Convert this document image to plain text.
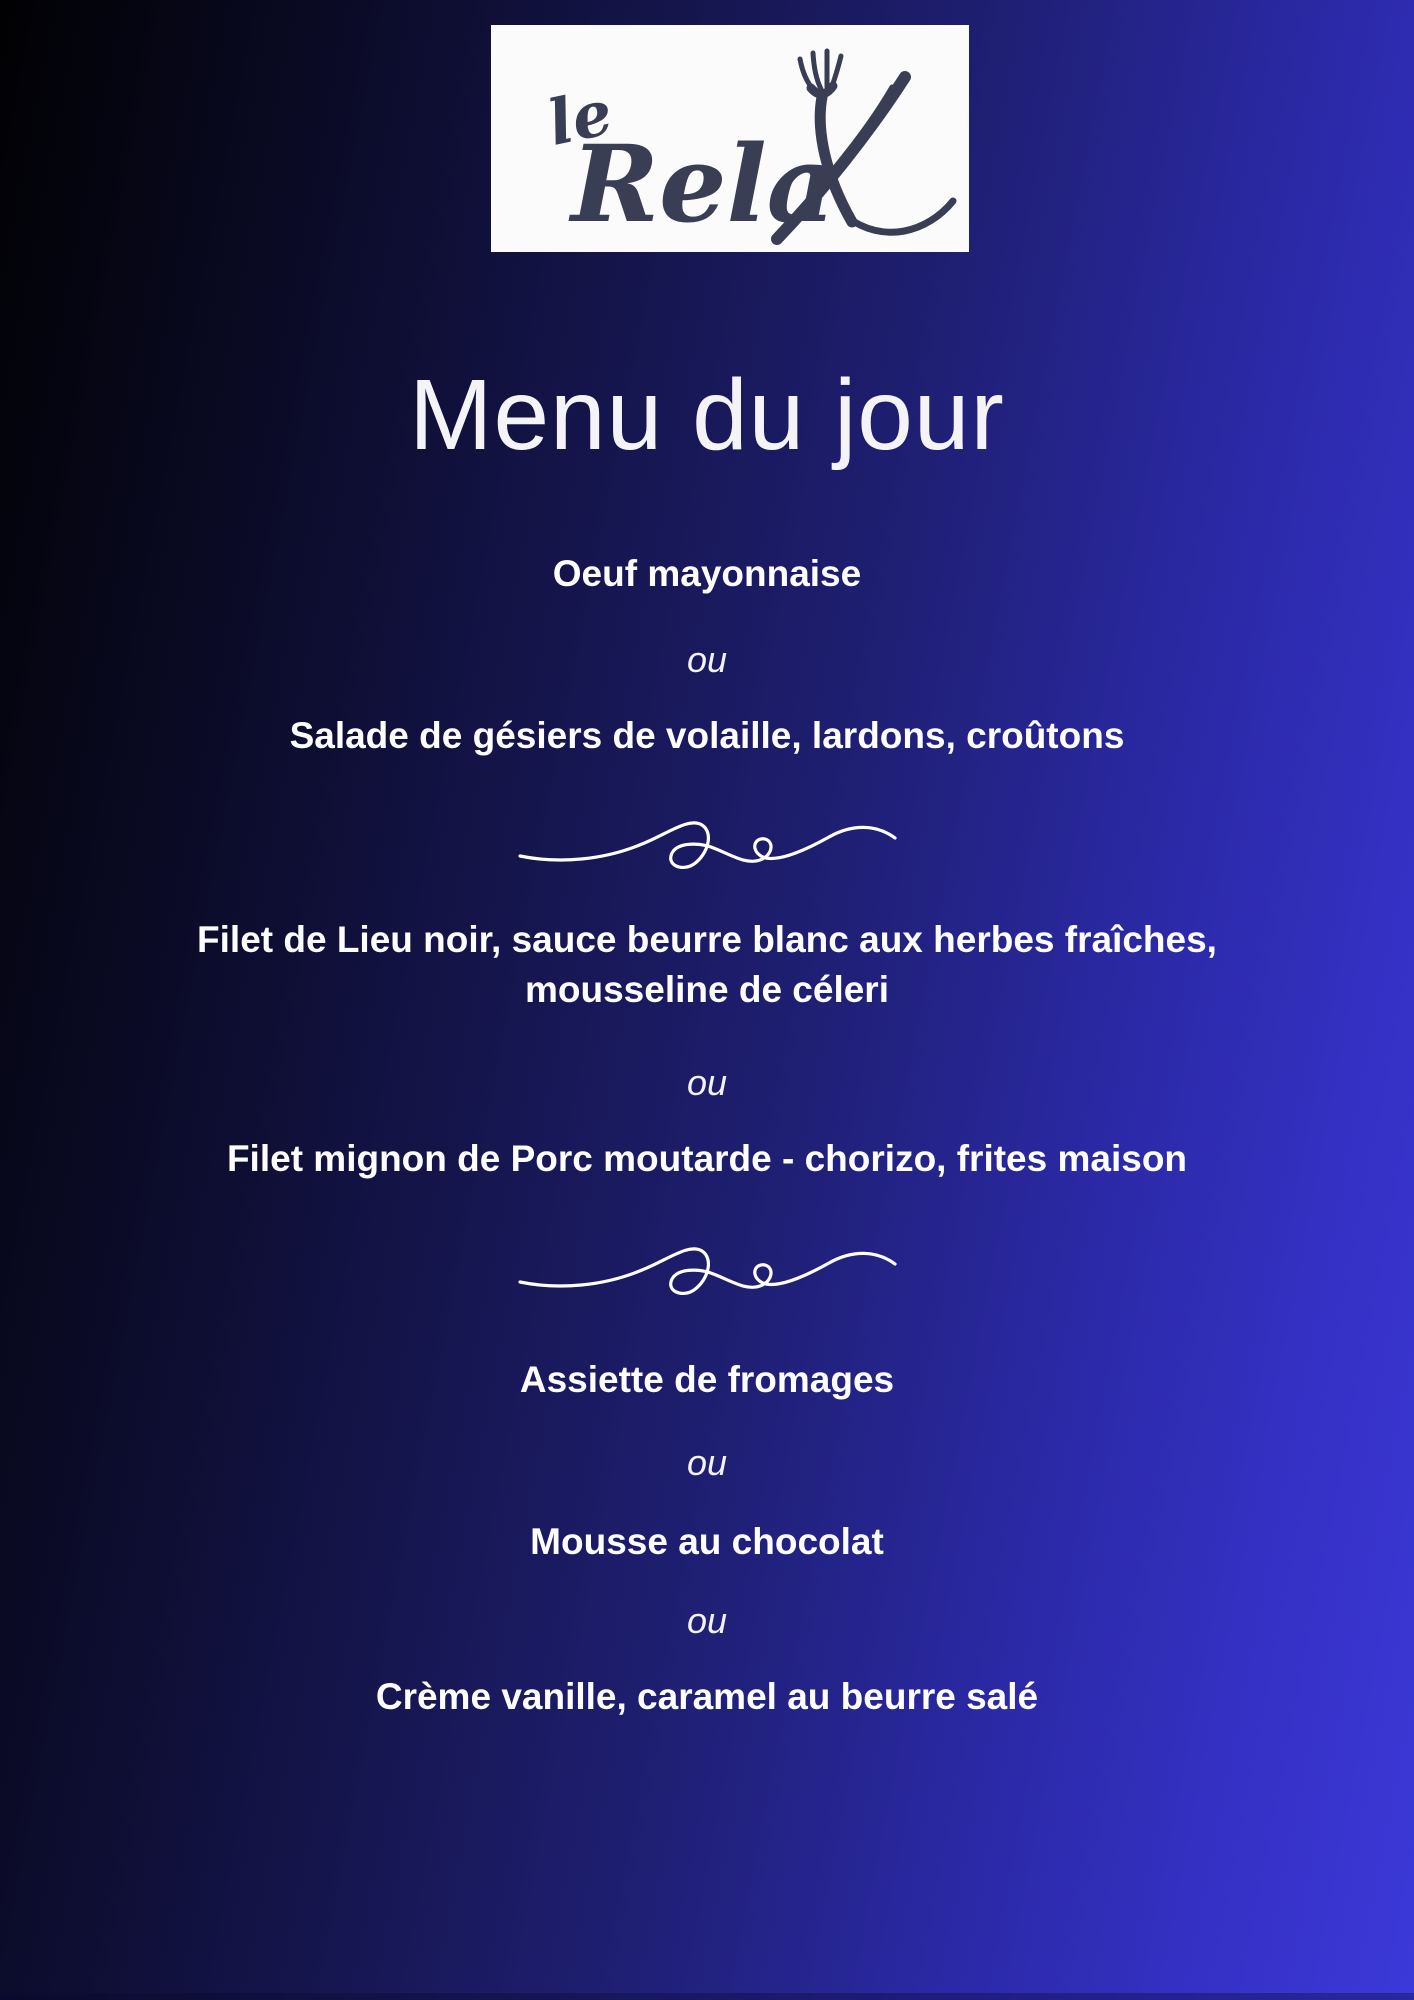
le
Rela
Menu du jour
Oeuf mayonnaise
ou
Salade de gésiers de volaille, lardons, croûtons
Filet de Lieu noir, sauce beurre blanc aux herbes fraîches,
mousseline de céleri
ou
Filet mignon de Porc moutarde - chorizo, frites maison
Assiette de fromages
ou
Mousse au chocolat
ou
Crème vanille, caramel au beurre salé
